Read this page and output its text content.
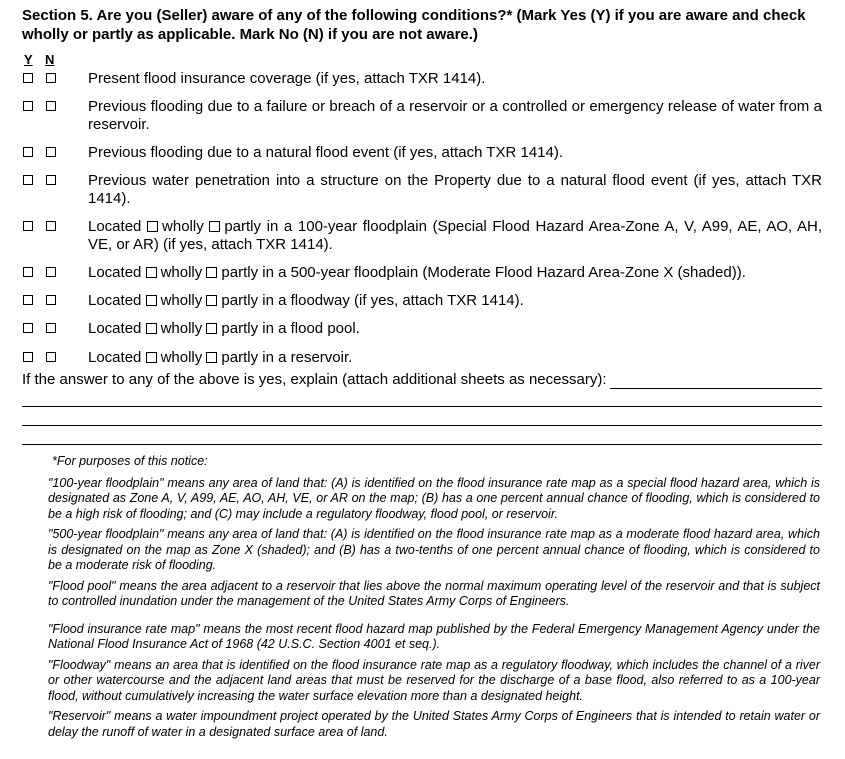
Section 5. Are you (Seller) aware of any of the following conditions?* (Mark Yes (Y) if you are aware and check wholly or partly as applicable. Mark No (N) if you are not aware.)
Y N
Present flood insurance coverage (if yes, attach TXR 1414).
Previous flooding due to a failure or breach of a reservoir or a controlled or emergency release of water from a reservoir.
Previous flooding due to a natural flood event (if yes, attach TXR 1414).
Previous water penetration into a structure on the Property due to a natural flood event (if yes, attach TXR 1414).
Located wholly partly in a 100-year floodplain (Special Flood Hazard Area-Zone A, V, A99, AE, AO, AH, VE, or AR) (if yes, attach TXR 1414).
Located wholly partly in a 500-year floodplain (Moderate Flood Hazard Area-Zone X (shaded)).
Located wholly partly in a floodway (if yes, attach TXR 1414).
Located wholly partly in a flood pool.
Located wholly partly in a reservoir.
If the answer to any of the above is yes, explain (attach additional sheets as necessary):

*For purposes of this notice:

"100-year floodplain" means any area of land that: (A) is identified on the flood insurance rate map as a special flood hazard area, which is designated as Zone A, V, A99, AE, AO, AH, VE, or AR on the map; (B) has a one percent annual chance of flooding, which is considered to be a high risk of flooding; and (C) may include a regulatory floodway, flood pool, or reservoir.

"500-year floodplain" means any area of land that: (A) is identified on the flood insurance rate map as a moderate flood hazard area, which is designated on the map as Zone X (shaded); and (B) has a two-tenths of one percent annual chance of flooding, which is considered to be a moderate risk of flooding.

"Flood pool" means the area adjacent to a reservoir that lies above the normal maximum operating level of the reservoir and that is subject to controlled inundation under the management of the United States Army Corps of Engineers.

"Flood insurance rate map" means the most recent flood hazard map published by the Federal Emergency Management Agency under the National Flood Insurance Act of 1968 (42 U.S.C. Section 4001 et seq.).

"Floodway" means an area that is identified on the flood insurance rate map as a regulatory floodway, which includes the channel of a river or other watercourse and the adjacent land areas that must be reserved for the discharge of a base flood, also referred to as a 100-year flood, without cumulatively increasing the water surface elevation more than a designated height.

"Reservoir" means a water impoundment project operated by the United States Army Corps of Engineers that is intended to retain water or delay the runoff of water in a designated surface area of land.
